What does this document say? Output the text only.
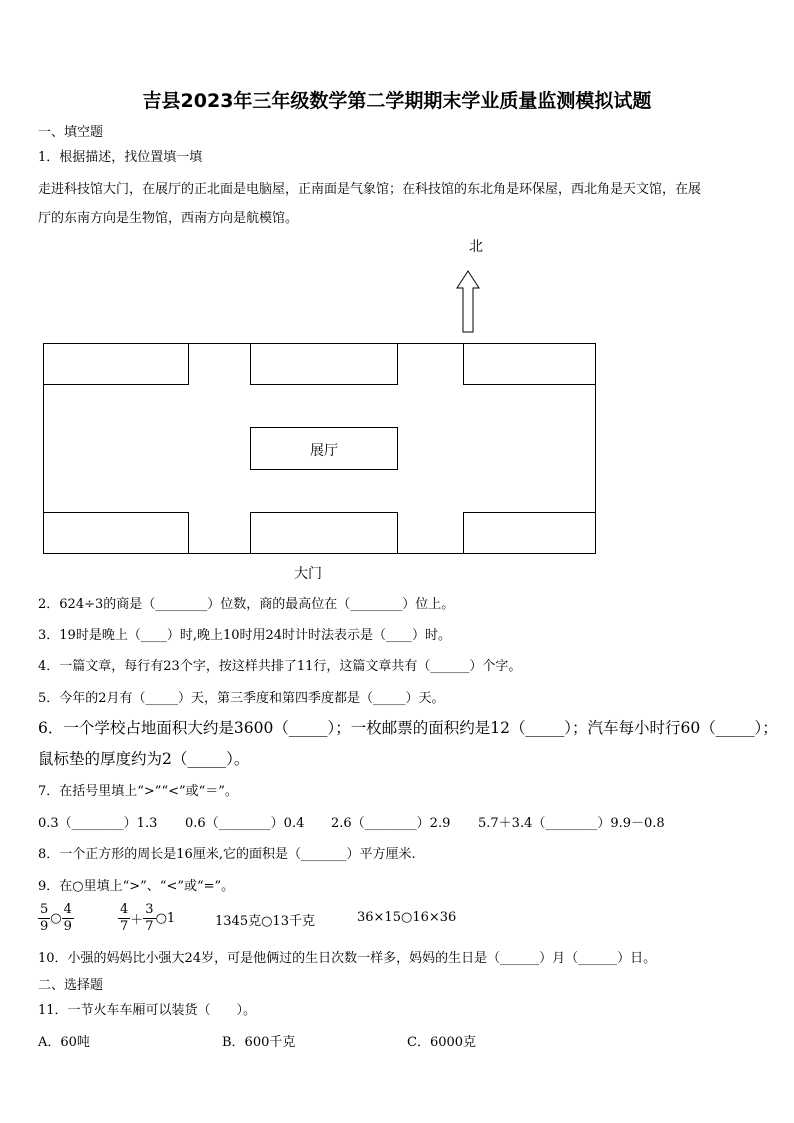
吉县2023年三年级数学第二学期期末学业质量监测模拟试题
一、填空题
1．根据描述，找位置填一填
走进科技馆大门，在展厅的正北面是电脑屋，正南面是气象馆；在科技馆的东北角是环保屋，西北角是天文馆，在展
厅的东南方向是生物馆，西南方向是航模馆。
北
展厅
大门
2．624÷3的商是（________）位数，商的最高位在（________）位上。
3．19时是晚上（____）时,晚上10时用24时计时法表示是（____）时。
4．一篇文章，每行有23个字，按这样共排了11行，这篇文章共有（______）个字。
5．今年的2月有（_____）天，第三季度和第四季度都是（_____）天。
6．一个学校占地面积大约是3600（_____）；一枚邮票的面积约是12（_____）；汽车每小时行60（_____）；
鼠标垫的厚度约为2（_____）。
7．在括号里填上“>”“<”或“＝”。
0.3（________）1.3 0.6（________）0.4 2.6（________）2.9 5.7＋3.4（________）9.9－0.8
8．一个正方形的周长是16厘米,它的面积是（_______）平方厘米.
9．在○里填上“>”、“<”或“=”。
$\frac{5}{9}$ ○ $\frac{4}{9}$	$\frac{4}{7} + \frac{3}{7}$ ○1	1345克○13千克	36×15○16×36
10．小强的妈妈比小强大24岁，可是他俩过的生日次数一样多，妈妈的生日是（______）月（______）日。
二、选择题
11．一节火车车厢可以装货（　　）。
A．60吨	B．600千克	C．6000克
